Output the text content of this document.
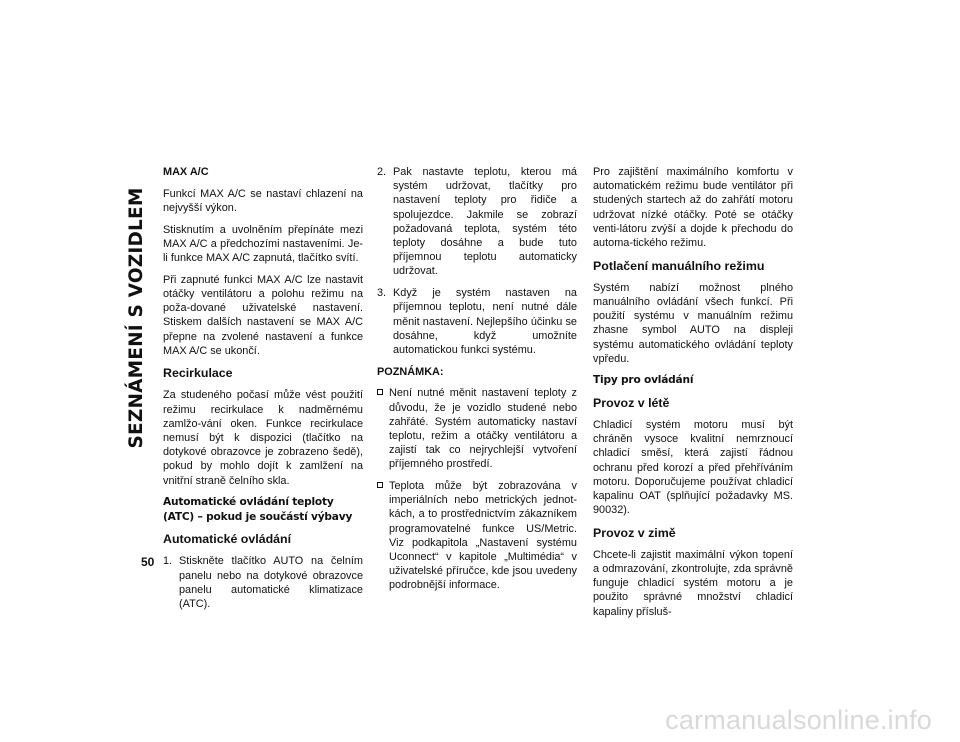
SEZNÁMENÍ S VOZIDLEM
50

MAX A/C

Funkcí MAX A/C se nastaví chlazení na nejvyšší výkon.

Stisknutím a uvolněním přepínáte mezi MAX A/C a předchozími nastaveními. Je-li funkce MAX A/C zapnutá, tlačítko svítí.

Při zapnuté funkci MAX A/C lze nastavit otáčky ventilátoru a polohu režimu na poža-dované uživatelské nastavení. Stiskem dalších nastavení se MAX A/C přepne na zvolené nastavení a funkce MAX A/C se ukončí.

Recirkulace

Za studeného počasí může vést použití režimu recirkulace k nadměrnému zamlžo-vání oken. Funkce recirkulace nemusí být k dispozici (tlačítko na dotykové obrazovce je zobrazeno šedě), pokud by mohlo dojít k zamlžení na vnitřní straně čelního skla.

Automatické ovládání teploty (ATC) – pokud je součástí výbavy
Automatické ovládání
1. Stiskněte tlačítko AUTO na čelním panelu nebo na dotykové obrazovce panelu automatické klimatizace (ATC).
2. Pak nastavte teplotu, kterou má systém udržovat, tlačítky pro nastavení teploty pro řidiče a spolujezdce. Jakmile se zobrazí požadovaná teplota, systém této teploty dosáhne a bude tuto příjemnou teplotu automaticky udržovat.
3. Když je systém nastaven na příjemnou teplotu, není nutné dále měnit nastavení. Nejlepšího účinku se dosáhne, když umožníte automatickou funkci systému.

POZNÁMKA:

Není nutné měnit nastavení teploty z důvodu, že je vozidlo studené nebo zahřáté. Systém automaticky nastaví teplotu, režim a otáčky ventilátoru a zajistí tak co nejrychlejší vytvoření příjemného prostředí.
Teplota může být zobrazována v imperiálních nebo metrických jednot-kách, a to prostřednictvím zákazníkem programovatelné funkce US/Metric. Viz podkapitola „Nastavení systému Uconnect“ v kapitole „Multimédia“ v uživatelské příručce, kde jsou uvedeny podrobnější informace.

Pro zajištění maximálního komfortu v automatickém režimu bude ventilátor při studených startech až do zahřátí motoru udržovat nízké otáčky. Poté se otáčky venti-látoru zvýší a dojde k přechodu do automa-tického režimu.

Potlačení manuálního režimu

Systém nabízí možnost plného manuálního ovládání všech funkcí. Při použití systému v manuálním režimu zhasne symbol AUTO na displeji systému automatického ovládání teploty vpředu.

Tipy pro ovládání
Provoz v létě

Chladicí systém motoru musí být chráněn vysoce kvalitní nemrznoucí chladicí směsí, která zajistí řádnou ochranu před korozí a před přehříváním motoru. Doporučujeme používat chladicí kapalinu OAT (splňující požadavky MS. 90032).

Provoz v zimě

Chcete-li zajistit maximální výkon topení a odmrazování, zkontrolujte, zda správně funguje chladicí systém motoru a je použito správné množství chladicí kapaliny přísluš-

carmanualsonline.info
